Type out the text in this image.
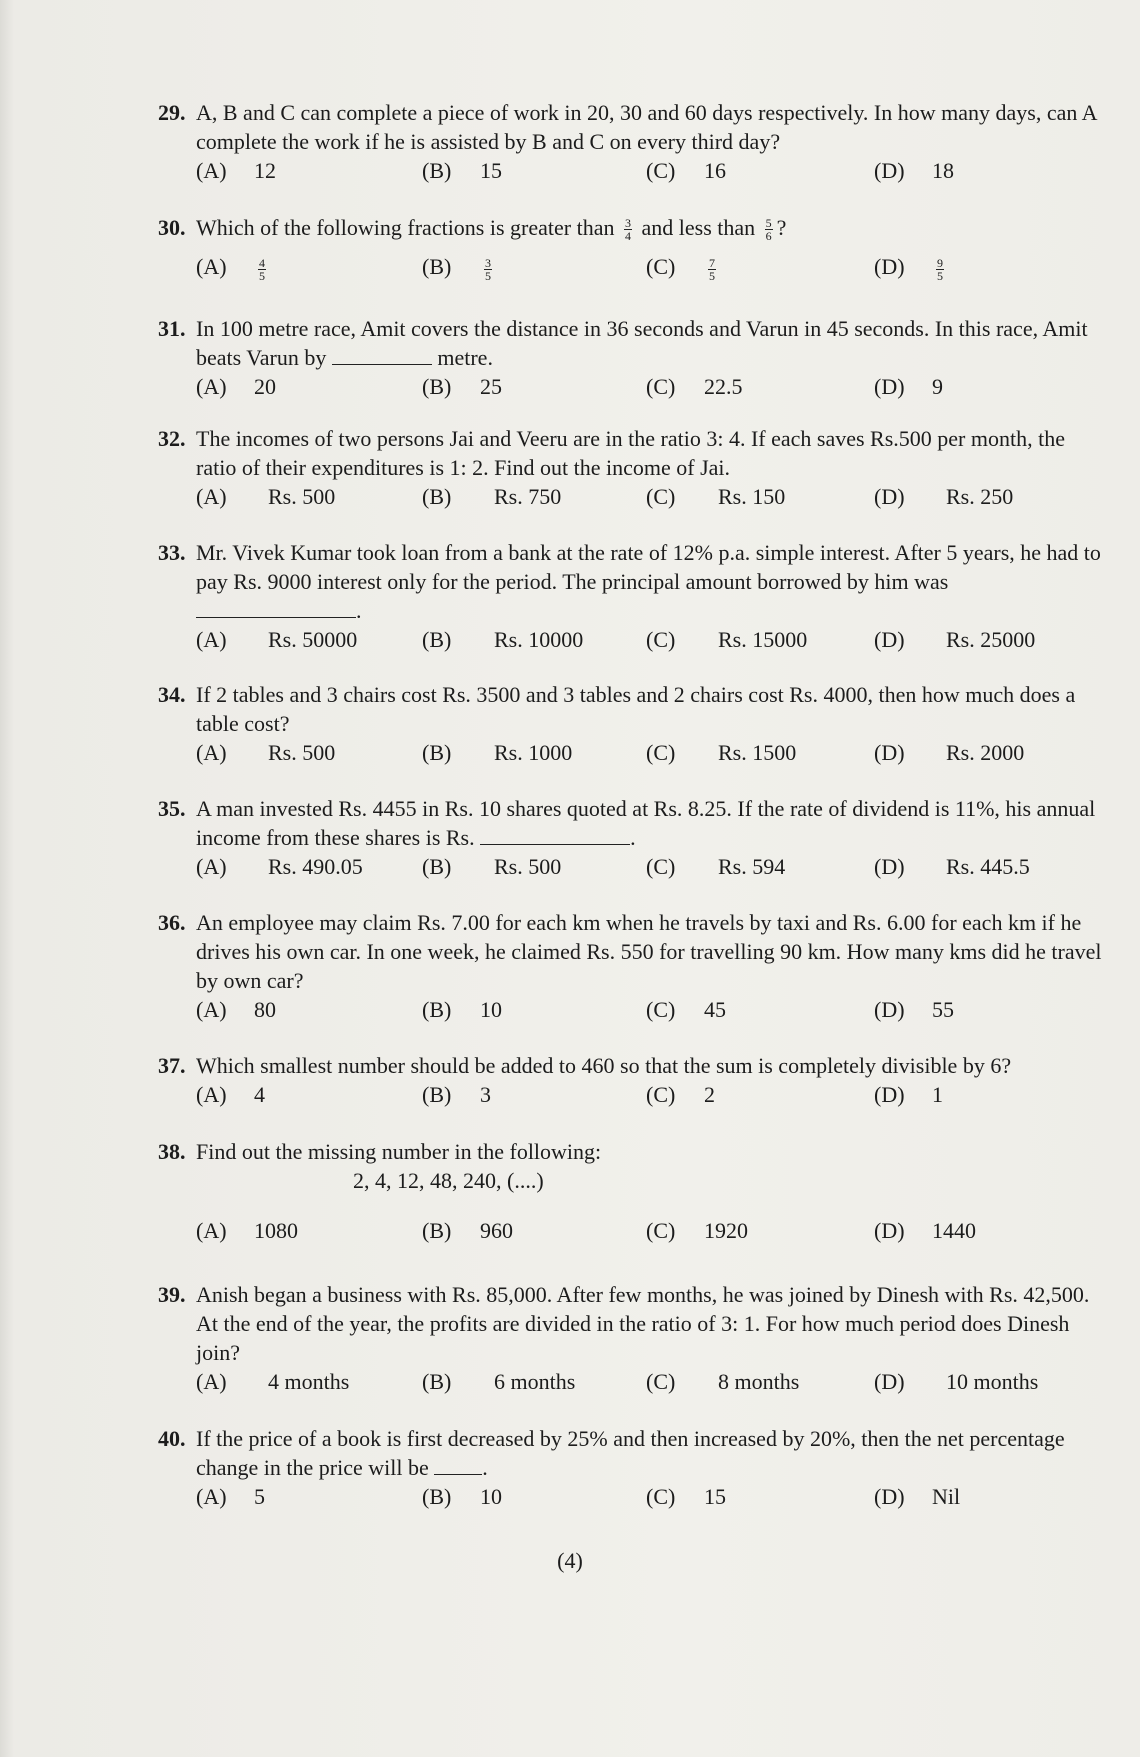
29. A, B and C can complete a piece of work in 20, 30 and 60 days respectively. In how many days, can A complete the work if he is assisted by B and C on every third day?
(A) 12	(B) 15	(C) 16	(D) 18
30. Which of the following fractions is greater than $\frac{3}{4}$ and less than $\frac{5}{6}$ ?
(A)	$\frac{4}{5}$	(B)	$\frac{3}{5}$	(C)	$\frac{7}{5}$	(D)	$\frac{9}{5}$
31. In 100 metre race, Amit covers the distance in 36 seconds and Varun in 45 seconds. In this race, Amit beats Varun by	metre.
(A) 20	(B) 25	(C) 22.5	(D) 9
32. The incomes of two persons Jai and Veeru are in the ratio 3: 4. If each saves Rs.500 per month, the ratio of their expenditures is 1: 2. Find out the income of Jai.
(A) Rs. 500	(B) Rs. 750	(C) Rs. 150	(D) Rs. 250
33. Mr. Vivek Kumar took loan from a bank at the rate of 12% p.a. simple interest. After 5 years, he had to pay Rs. 9000 interest only for the period. The principal amount borrowed by him was .
(A) Rs. 50000	(B) Rs. 10000	(C) Rs. 15000	(D) Rs. 25000
34. If 2 tables and 3 chairs cost Rs. 3500 and 3 tables and 2 chairs cost Rs. 4000, then how much does a table cost?
(A) Rs. 500	(B) Rs. 1000	(C) Rs. 1500	(D) Rs. 2000
35. A man invested Rs. 4455 in Rs. 10 shares quoted at Rs. 8.25. If the rate of dividend is 11%, his annual income from these shares is Rs.	.
(A) Rs. 490.05	(B) Rs. 500	(C) Rs. 594	(D) Rs. 445.5
36. An employee may claim Rs. 7.00 for each km when he travels by taxi and Rs. 6.00 for each km if he drives his own car. In one week, he claimed Rs. 550 for travelling 90 km. How many kms did he travel by own car?
(A) 80	(B) 10	(C) 45	(D) 55
37. Which smallest number should be added to 460 so that the sum is completely divisible by 6?
(A) 4	(B) 3	(C) 2	(D) 1
38. Find out the missing number in the following:
2, 4, 12, 48, 240, (....)
(A) 1080	(B) 960	(C) 1920	(D) 1440
39. Anish began a business with Rs. 85,000. After few months, he was joined by Dinesh with Rs. 42,500. At the end of the year, the profits are divided in the ratio of 3: 1. For how much period does Dinesh join?
(A) 4 months	(B) 6 months	(C) 8 months	(D) 10 months
40. If the price of a book is first decreased by 25% and then increased by 20%, then the net percentage change in the price will be .
(A) 5	(B) 10	(C) 15	(D) Nil
(4)
